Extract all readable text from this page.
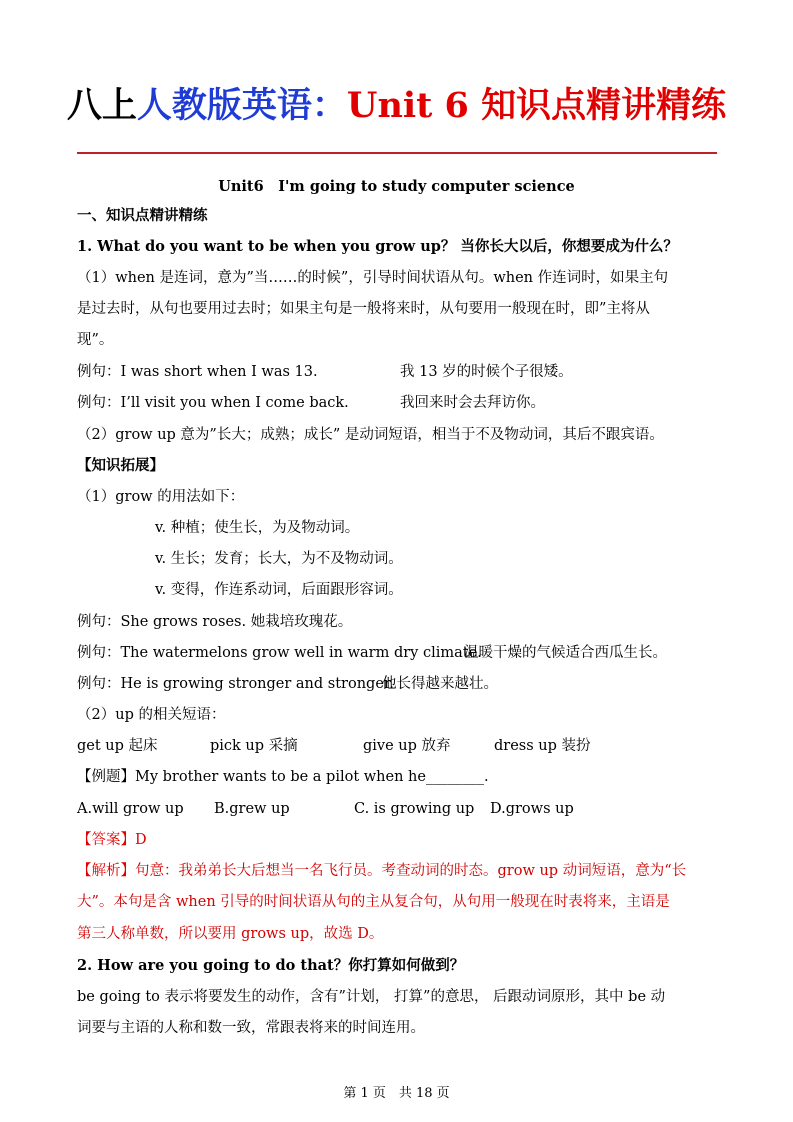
八上人教版英语：Unit 6 知识点精讲精练
Unit6　I'm going to study computer science
一、知识点精讲精练
1. What do you want to be when you grow up？ 当你长大以后，你想要成为什么？
（1）when 是连词，意为”当……的时候”，引导时间状语从句。when 作连词时，如果主句
是过去时，从句也要用过去时；如果主句是一般将来时，从句要用一般现在时，即”主将从
现”。
例句：I was short when I was 13.	我 13 岁的时候个子很矮。
例句：I’ll visit you when I come back.	我回来时会去拜访你。
（2）grow up 意为”长大；成熟；成长” 是动词短语，相当于不及物动词，其后不跟宾语。
【知识拓展】
（1）grow 的用法如下：
v. 种植；使生长，为及物动词。
v. 生长；发育；长大，为不及物动词。
v. 变得，作连系动词，后面跟形容词。
例句：She grows roses. 她栽培玫瑰花。
例句：The watermelons grow well in warm dry climate.
温暖干燥的气候适合西瓜生长。
例句：He is growing stronger and stronger.
他长得越来越壮。
（2）up 的相关短语：
get up 起床	pick up 采摘	give up 放弃	dress up 装扮
【例题】My brother wants to be a pilot when he________.
A.will grow up B.grew up	C. is growing up D.grows up
【答案】D
【解析】句意：我弟弟长大后想当一名飞行员。考查动词的时态。grow up 动词短语，意为“长
大”。本句是含 when 引导的时间状语从句的主从复合句，从句用一般现在时表将来，主语是
第三人称单数，所以要用 grows up，故选 D。
2. How are you going to do that？你打算如何做到？
be going to 表示将要发生的动作，含有”计划， 打算”的意思， 后跟动词原形，其中 be 动
词要与主语的人称和数一致，常跟表将来的时间连用。
第 1 页　共 18 页
